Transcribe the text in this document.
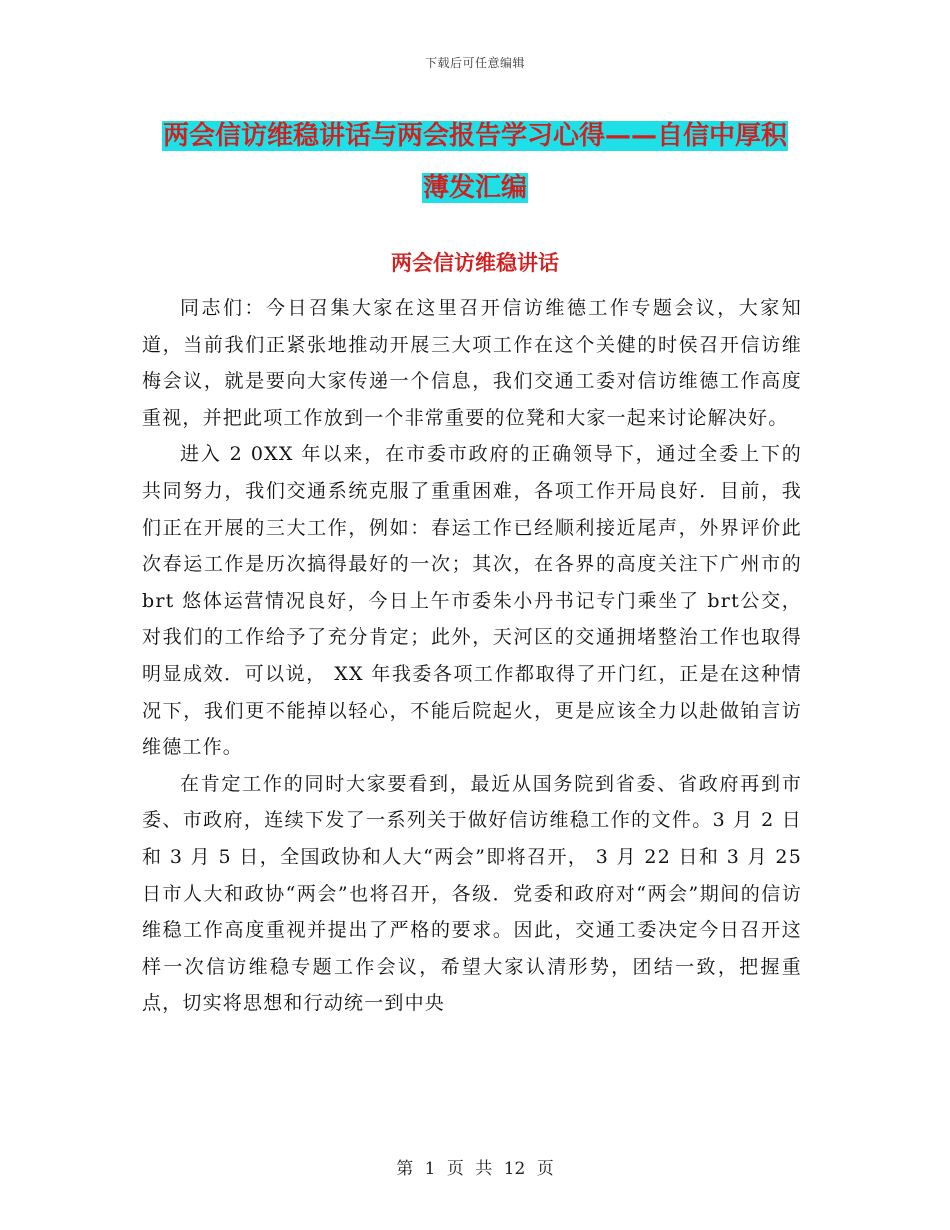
下载后可任意编辑
两会信访维稳讲话与两会报告学习心得——自信中厚积薄发汇编
两会信访维稳讲话

同志们：今日召集大家在这里召开信访维德工作专题会议，大家知道，当前我们正紧张地推动开展三大项工作在这个关健的时侯召开信访维梅会议，就是要向大家传递一个信息，我们交通工委对信访维德工作高度重视，并把此项工作放到一个非常重要的位凳和大家一起来讨论解决好。

进入 2 0XX 年以来，在市委市政府的正确领导下，通过全委上下的共同努力，我们交通系统克服了重重困难，各项工作开局良好．目前，我们正在开展的三大工作，例如：春运工作已经顺利接近尾声，外界评价此次春运工作是历次搞得最好的一次；其次，在各界的高度关注下广州市的 brt 悠体运营情况良好，今日上午市委朱小丹书记专门乘坐了 brt公交，对我们的工作给予了充分肯定；此外，天河区的交通拥堵整治工作也取得明显成效．可以说， XX 年我委各项工作都取得了开门红，正是在这种情况下，我们更不能掉以轻心，不能后院起火，更是应该全力以赴做铂言访维德工作。

在肯定工作的同时大家要看到，最近从国务院到省委、省政府再到市委、市政府，连续下发了一系列关于做好信访维稳工作的文件。3 月 2 日和 3 月 5 日，全国政协和人大“两会”即将召开， 3 月 22 日和 3 月 25 日市人大和政协“两会”也将召开，各级．党委和政府对“两会”期间的信访维稳工作高度重视并提出了严格的要求。因此，交通工委决定今日召开这样一次信访维稳专题工作会议，希望大家认清形势，团结一致，把握重点，切实将思想和行动统一到中央

第 1 页 共 12 页
